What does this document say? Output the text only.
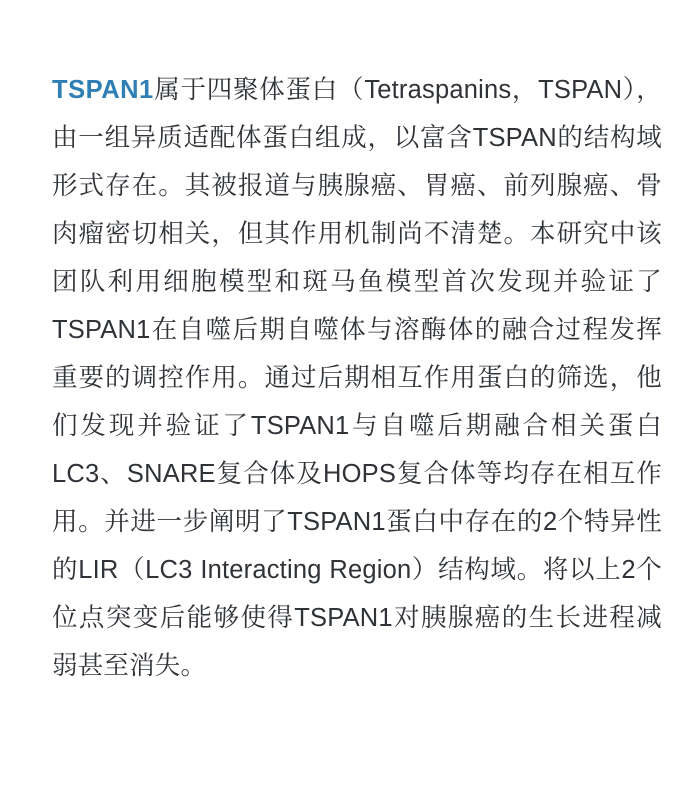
TSPAN1属于四聚体蛋白（Tetraspanins，TSPAN），由一组异质适配体蛋白组成，以富含TSPAN的结构域形式存在。其被报道与胰腺癌、胃癌、前列腺癌、骨肉瘤密切相关，但其作用机制尚不清楚。本研究中该团队利用细胞模型和斑马鱼模型首次发现并验证了TSPAN1在自噬后期自噬体与溶酶体的融合过程发挥重要的调控作用。通过后期相互作用蛋白的筛选，他们发现并验证了TSPAN1与自噬后期融合相关蛋白LC3、SNARE复合体及HOPS复合体等均存在相互作用。并进一步阐明了TSPAN1蛋白中存在的2个特异性的LIR（LC3 Interacting Region）结构域。将以上2个位点突变后能够使得TSPAN1对胰腺癌的生长进程减弱甚至消失。
